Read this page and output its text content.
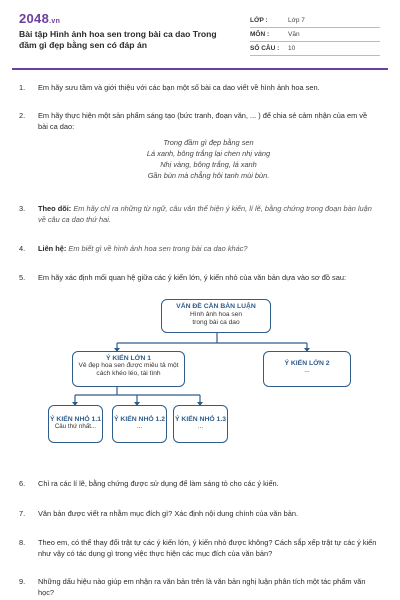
2048.vn
Bài tập Hình ảnh hoa sen trong bài ca dao Trong đầm gì đẹp bằng sen có đáp án
LỚP :	Lớp 7
MÔN :	Văn
SỐ CÂU :	10
1. Em hãy sưu tầm và giới thiệu với các bạn một số bài ca dao viết về hình ảnh hoa sen.
2. Em hãy thực hiện một sản phẩm sáng tạo (bức tranh, đoạn văn, ... ) để chia sẻ cảm nhận của em về bài ca dao:
Trong đầm gì đẹp bằng sen
Lá xanh, bông trắng lại chen nhị vàng
Nhị vàng, bông trắng, lá xanh
Gần bùn mà chẳng hôi tanh mùi bùn.
3. Theo dõi: Em hãy chỉ ra những từ ngữ, câu văn thể hiện ý kiến, lí lẽ, bằng chứng trong đoạn bàn luận về câu ca dao thứ hai.
4. Liên hệ: Em biết gì về hình ảnh hoa sen trong bài ca dao khác?
5. Em hãy xác định mối quan hệ giữa các ý kiến lớn, ý kiến nhỏ của văn bản dựa vào sơ đồ sau:
VẤN ĐỀ CẦN BÀN LUẬN
Hình ảnh hoa sen trong bài ca dao
Ý KIẾN LỚN 1
Vẻ đẹp hoa sen được miêu tả một cách khéo léo, tài tình
Ý KIẾN LỚN 2
...
Ý KIẾN NHỎ 1.1
Câu thứ nhất...
Ý KIẾN NHỎ 1.2
...
Ý KIẾN NHỎ 1.3
...
6. Chỉ ra các lí lẽ, bằng chứng được sử dụng để làm sáng tỏ cho các ý kiến.
7. Văn bản được viết ra nhằm mục đích gì? Xác định nội dung chính của văn bản.
8. Theo em, có thể thay đổi trật tự các ý kiến lớn, ý kiến nhỏ được không? Cách sắp xếp trật tự các ý kiến như vậy có tác dụng gì trong việc thực hiện các mục đích của văn bản?
9. Những dấu hiệu nào giúp em nhận ra văn bản trên là văn bản nghị luận phân tích một tác phẩm văn học?
